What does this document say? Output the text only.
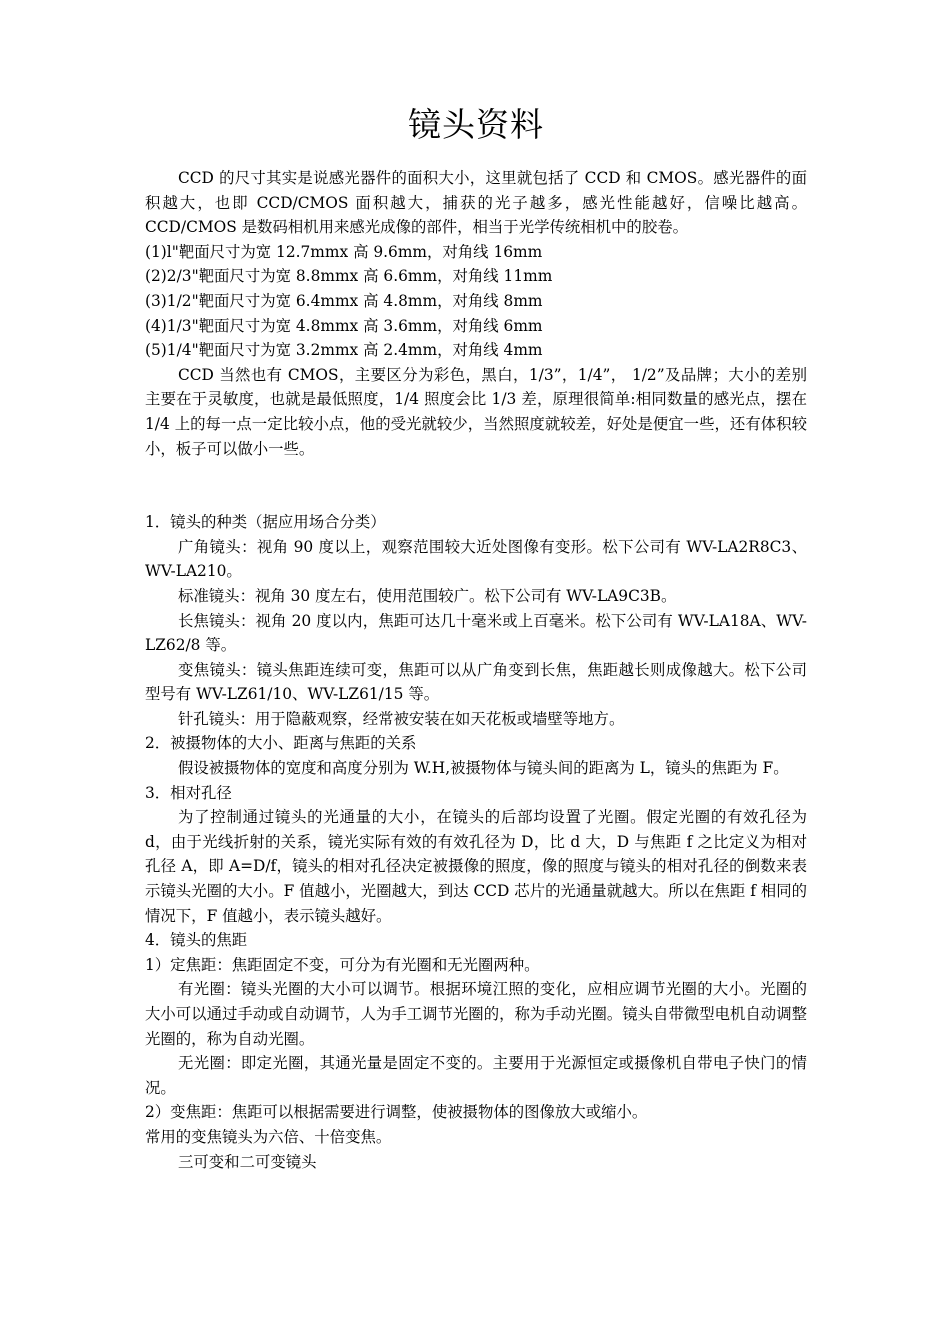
镜头资料

CCD 的尺寸其实是说感光器件的面积大小，这里就包括了 CCD 和 CMOS。感光器件的面积越大，也即 CCD/CMOS 面积越大，捕获的光子越多，感光性能越好，信噪比越高。CCD/CMOS 是数码相机用来感光成像的部件，相当于光学传统相机中的胶卷。

(1)l"靶面尺寸为宽 12.7mmx 高 9.6mm，对角线 16mm

(2)2/3"靶面尺寸为宽 8.8mmx 高 6.6mm，对角线 11mm

(3)1/2"靶面尺寸为宽 6.4mmx 高 4.8mm，对角线 8mm

(4)1/3"靶面尺寸为宽 4.8mmx 高 3.6mm，对角线 6mm

(5)1/4"靶面尺寸为宽 3.2mmx 高 2.4mm，对角线 4mm

CCD 当然也有 CMOS，主要区分为彩色，黑白，1/3”，1/4”， 1/2”及品牌；大小的差别主要在于灵敏度，也就是最低照度，1/4 照度会比 1/3 差，原理很简单:相同数量的感光点，摆在 1/4 上的每一点一定比较小点，他的受光就较少，当然照度就较差，好处是便宜一些，还有体积较小，板子可以做小一些。

1．镜头的种类（据应用场合分类）

广角镜头：视角 90 度以上，观察范围较大近处图像有变形。松下公司有 WV-LA2R8C3、WV-LA210。

标准镜头：视角 30 度左右，使用范围较广。松下公司有 WV-LA9C3B。

长焦镜头：视角 20 度以内，焦距可达几十毫米或上百毫米。松下公司有 WV-LA18A、WV-LZ62/8 等。

变焦镜头：镜头焦距连续可变，焦距可以从广角变到长焦，焦距越长则成像越大。松下公司型号有 WV-LZ61/10、WV-LZ61/15 等。

针孔镜头：用于隐蔽观察，经常被安装在如天花板或墙壁等地方。

2．被摄物体的大小、距离与焦距的关系

假设被摄物体的宽度和高度分别为 W.H,被摄物体与镜头间的距离为 L，镜头的焦距为 F。

3．相对孔径

为了控制通过镜头的光通量的大小，在镜头的后部均设置了光圈。假定光圈的有效孔径为 d，由于光线折射的关系，镜光实际有效的有效孔径为 D，比 d 大，D 与焦距 f 之比定义为相对孔径 A，即 A=D/f，镜头的相对孔径决定被摄像的照度，像的照度与镜头的相对孔径的倒数来表示镜头光圈的大小。F 值越小，光圈越大，到达 CCD 芯片的光通量就越大。所以在焦距 f 相同的情况下，F 值越小，表示镜头越好。

4．镜头的焦距

1）定焦距：焦距固定不变，可分为有光圈和无光圈两种。

有光圈：镜头光圈的大小可以调节。根据环境江照的变化，应相应调节光圈的大小。光圈的大小可以通过手动或自动调节，人为手工调节光圈的，称为手动光圈。镜头自带微型电机自动调整光圈的，称为自动光圈。

无光圈：即定光圈，其通光量是固定不变的。主要用于光源恒定或摄像机自带电子快门的情况。

2）变焦距：焦距可以根据需要进行调整，使被摄物体的图像放大或缩小。

常用的变焦镜头为六倍、十倍变焦。

三可变和二可变镜头
